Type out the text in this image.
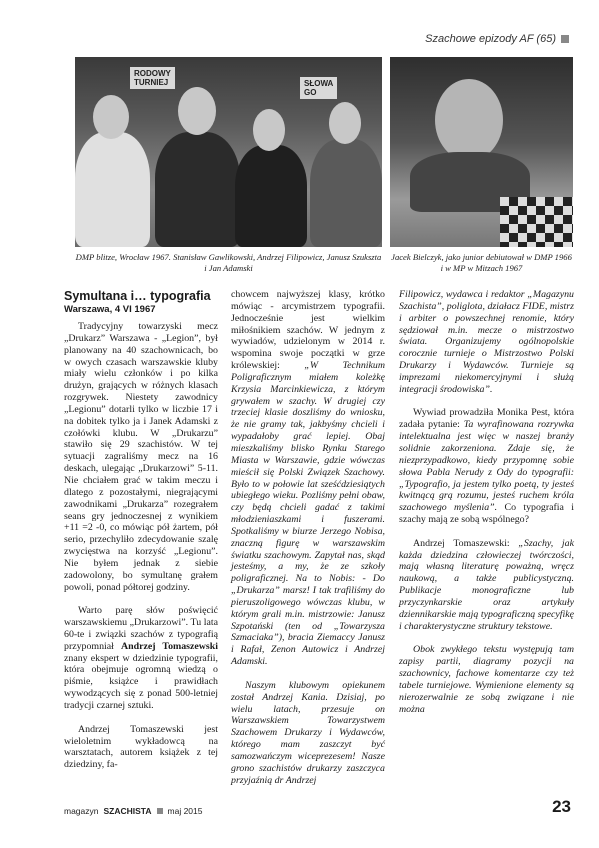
Szachowe epizody AF (65)
RODOWY
TURNIEJ	SŁOWA
GO
DMP blitze, Wrocław 1967. Stanisław Gawlikowski, Andrzej Filipowicz, Janusz Szukszta i Jan Adamski
Jacek Bielczyk, jako junior debiutował w DMP 1966 i w MP w Mitzach 1967
Symultana i… typografia
Warszawa, 4 VI 1967

Tradycyjny towarzyski mecz „Drukarz” Warszawa - „Legion”, był planowany na 40 szachownicach, bo w owych czasach warszawskie kluby miały wielu członków i po kilka drużyn, grających w różnych klasach rozgrywek. Niestety zawodnicy „Legionu” dotarli tylko w liczbie 17 i na dobitek tylko ja i Janek Adamski z czołówki klubu. W „Drukarzu” stawiło się 29 szachistów. W tej sytuacji zagraliśmy mecz na 16 deskach, ulegając „Drukarzowi” 5-11. Nie chciałem grać w takim meczu i dlatego z pozostałymi, niegrającymi zawodnikami „Drukarza” rozegrałem seans gry jednoczesnej z wynikiem +11 =2 -0, co mówiąc pół żartem, pół serio, przechyliło zdecydowanie szalę zwycięstwa na korzyść „Legionu”. Nie byłem jednak z siebie zadowolony, bo symultanę grałem powoli, ponad półtorej godziny.

Warto parę słów poświęcić warszawskiemu „Drukarzowi”. Tu lata 60-te i związki szachów z typografią przypomniał Andrzej Tomaszewski znany ekspert w dziedzinie typografii, która obejmuje ogromną wiedzą o piśmie, książce i prawidłach wywodzących się z ponad 500-letniej tradycji czarnej sztuki.

Andrzej Tomaszewski jest wieloletnim wykładowcą na warsztatach, autorem książek z tej dziedziny, fa-

chowcem najwyższej klasy, krótko mówiąc - arcymistrzem typografii. Jednocześnie jest wielkim miłośnikiem szachów. W jednym z wywiadów, udzielonym w 2014 r. wspomina swoje początki w grze królewskiej: „W Technikum Poligraficznym miałem koleżkę Krzysia Marcinkiewicza, z którym grywałem w szachy. W drugiej czy trzeciej klasie doszliśmy do wniosku, że nie gramy tak, jakbyśmy chcieli i wypadałoby grać lepiej. Obaj mieszkaliśmy blisko Rynku Starego Miasta w Warszawie, gdzie wówczas mieścił się Polski Związek Szachowy. Było to w połowie lat sześćdziesiątych ubiegłego wieku. Pozliśmy pełni obaw, czy będą chcieli gadać z takimi młodzieniaszkami i fuszerami. Spotkaliśmy w biurze Jerzego Nobisa, znaczną figurę w warszawskim światku szachowym. Zapytał nas, skąd jesteśmy, a my, że ze szkoły poligraficznej. Na to Nobis: - Do „Drukarza” marsz! I tak trafiliśmy do pieruszoligowego wówczas klubu, w którym grali m.in. mistrzowie: Janusz Szpotański (ten od „Towarzysza Szmaciaka”), bracia Ziemaccy Janusz i Rafał, Zenon Autowicz i Andrzej Adamski.

Naszym klubowym opiekunem został Andrzej Kania. Dzisiaj, po wielu latach, przesuje on Warszawskiem Towarzystwem Szachowem Drukarzy i Wydawców, którego mam zaszczyt być samozwańczym wiceprezesem! Nasze grono szachistów drukarzy zaszczyca przyjaźnią dr Andrzej

Filipowicz, wydawca i redaktor „Magazynu Szachista”, poliglota, działacz FIDE, mistrz i arbiter o powszechnej renomie, który sędziował m.in. mecze o mistrzostwo świata. Organizujemy ogólnopolskie corocznie turnieje o Mistrzostwo Polski Drukarzy i Wydawców. Turnieje są imprezami niekomercyjnymi i służą integracji środowiska”.

Wywiad prowadziła Monika Pest, która zadała pytanie: Ta wyrafinowana rozrywka intelektualna jest więc w naszej branży solidnie zakorzeniona. Zdaje się, że niezprzypadkowo, kiedy przypomnę sobie słowa Pabla Nerudy z Ody do typografii: „Typografio, ja jestem tylko poetą, ty jesteś kwitnącą grą rozumu, jesteś ruchem króla szachowego myślenia”. Co typografia i szachy mają ze sobą wspólnego?

Andrzej Tomaszewski: „Szachy, jak każda dziedzina człowieczej twórczości, mają własną literaturę poważną, wręcz naukową, a także publicystyczną. Publikacje monograficzne lub przyczynkarskie oraz artykuły dziennikarskie mają typograficzną specyfikę i charakterystyczne struktury tekstowe.

Obok zwykłego tekstu występują tam zapisy partii, diagramy pozycji na szachownicy, fachowe komentarze czy też tabele turniejowe. Wymienione elementy są nierozerwalnie ze sobą związane i nie można

magazyn SZACHISTA maj 2015	23
